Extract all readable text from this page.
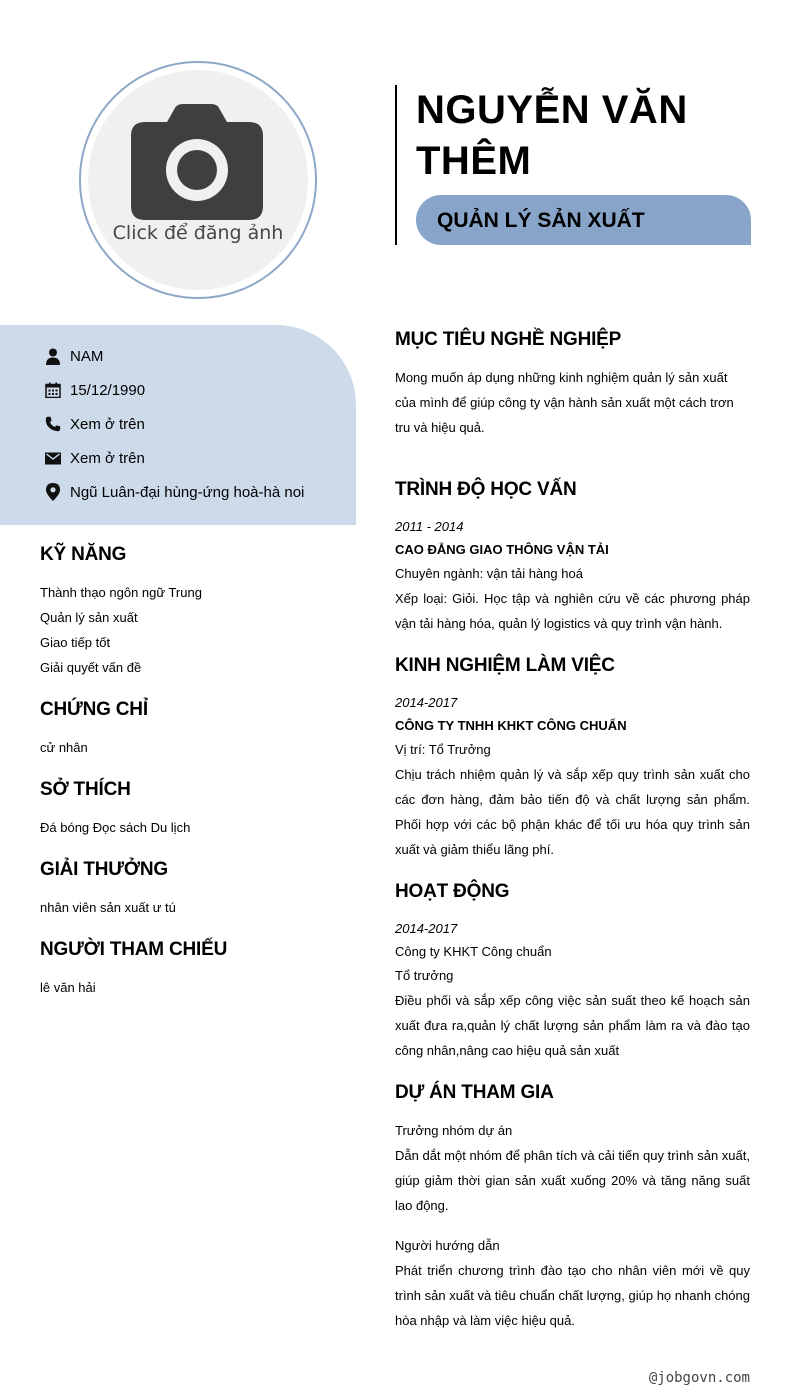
Click để đăng ảnh
NGUYỄN VĂN
THÊM
QUẢN LÝ SẢN XUẤT
NAM
15/12/1990
Xem ở trên
Xem ở trên
Ngũ Luân-đại hùng-ứng hoà-hà noi
KỸ NĂNG
Thành thạo ngôn ngữ Trung
Quản lý sản xuất
Giao tiếp tốt
Giải quyết vấn đề
CHỨNG CHỈ
cử nhân
SỞ THÍCH
Đá bóng Đọc sách Du lịch
GIẢI THƯỞNG
nhân viên sản xuất ư tú
NGƯỜI THAM CHIẾU
lê văn hải
MỤC TIÊU NGHỀ NGHIỆP
Mong muốn áp dụng những kinh nghiệm quản lý sản xuất của mình để giúp công ty vận hành sản xuất một cách trơn tru và hiệu quả.
TRÌNH ĐỘ HỌC VẤN
2011 - 2014
CAO ĐẲNG GIAO THÔNG VẬN TẢI
Chuyên ngành: vận tải hàng hoá
Xếp loại: Giỏi. Học tập và nghiên cứu về các phương pháp vận tải hàng hóa, quản lý logistics và quy trình vận hành.
KINH NGHIỆM LÀM VIỆC
2014-2017
CÔNG TY TNHH KHKT CÔNG CHUẨN
Vị trí: Tổ Trưởng
Chịu trách nhiệm quản lý và sắp xếp quy trình sản xuất cho các đơn hàng, đảm bảo tiến độ và chất lượng sản phẩm. Phối hợp với các bộ phận khác để tối ưu hóa quy trình sản xuất và giảm thiểu lãng phí.
HOẠT ĐỘNG
2014-2017
Công ty KHKT Công chuẩn
Tổ trưởng
Điều phối và sắp xếp công việc sản suất theo kế hoạch sản xuất đưa ra,quản lý chất lượng sản phẩm làm ra và đào tạo công nhân,nâng cao hiệu quả sản xuất
DỰ ÁN THAM GIA
Trưởng nhóm dự án
Dẫn dắt một nhóm để phân tích và cải tiến quy trình sản xuất, giúp giảm thời gian sản xuất xuống 20% và tăng năng suất lao động.
Người hướng dẫn
Phát triển chương trình đào tạo cho nhân viên mới về quy trình sản xuất và tiêu chuẩn chất lượng, giúp họ nhanh chóng hòa nhập và làm việc hiệu quả.
@jobgovn.com
